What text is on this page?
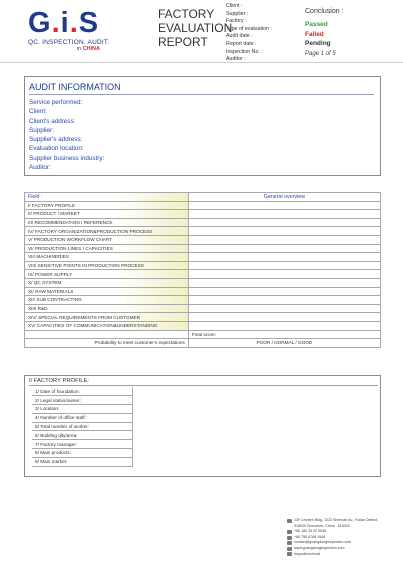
G.i.S
QC. INSPECTION. AUDIT.
in CHINA
FACTORY
EVALUATION
REPORT
Client :
Supplier :
Factory :
Type of evaluation :
Audit date :
Report date :
Inspection No. :
Auditor :
Conclusion :
Passed
Failed
Pending
Page 1 of 5
AUDIT INFORMATION
Service performed:
Client:
Client's address:
Supplier:
Supplier's address:
Evaluation location:
Supplier business industry:
Auditor:
Field :	General overview
I/ FACTORY PROFILE	
II/ PRODUCT / MARKET	
III/ RECOMMENDATION / REFERENCE	
IV/ FACTORY ORGANIZATION&PRODUCTION PROCESS	
V/ PRODUCTION WORKFLOW CHART	
VI/ PRODUCTION LINES / CAPACITIES	
VII/ MACHINERIES	
VIII/ SENSITIVE POINTS IN PRODUCTION PROCESS	
IX/ POWER SUPPLY	
X/ QC SYSTEM	
XI/ RAW MATERIALS	
XII/ SUB CONTRACTING	
XIII/ R&D	
XIV/ SPECIAL REQUIREMENTS FROM CUSTOMER	
XV/ CAPACITIES OF COMMUNICATION&UNDERSTANDING	
	Final score:
Probability to meet customer's expectations	POOR / NORMAL / GOOD
I/ FACTORY PROFILE:
1/ Date of foundation:	
2/ Legal status/owner:	
3/ Location:	
4/ Number of office staff:	
5/ Total number of worker:	
6/ Building qlty/area:	
7/ Factory manager:	
8/ Main products:	
9/ Main market:	
13F Leichen Bldg, 1023 Shennan Av., Futian District,
518000 Shenzhen, China - 518000
+86 180 25 02 0046
+86 755 6768 1948
contact@guangdonginspection.com
www.guangdonginspection.com
inspectionchina1
